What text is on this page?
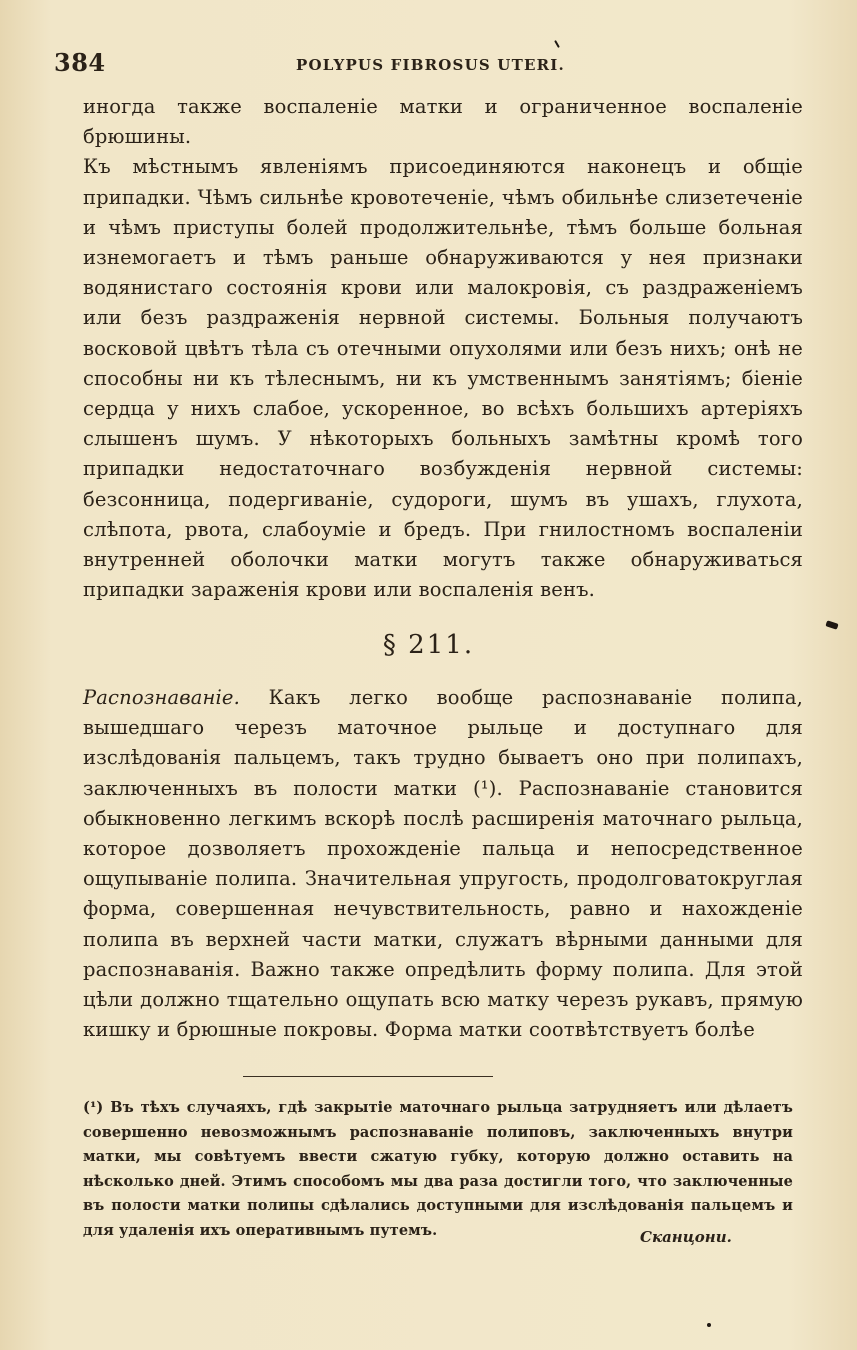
384	POLYPUS FIBROSUS UTERI.

иногда также воспаленіе матки и ограниченное воспаленіе брюшины.

Къ мѣстнымъ явленіямъ присоединяются наконецъ и общіе припадки. Чѣмъ сильнѣе кровотеченіе, чѣмъ обильнѣе слизетеченіе и чѣмъ приступы болей продолжительнѣе, тѣмъ больше больная изнемогаетъ и тѣмъ раньше обнаруживаются у нея признаки водянистаго состоянія крови или малокровія, съ раздраженіемъ или безъ раздраженія нервной системы. Больныя получаютъ восковой цвѣтъ тѣла съ отечными опухолями или безъ нихъ; онѣ не способны ни къ тѣлеснымъ, ни къ умственнымъ занятіямъ; біеніе сердца у нихъ слабое, ускоренное, во всѣхъ большихъ артеріяхъ слышенъ шумъ. У нѣкоторыхъ больныхъ замѣтны кромѣ того припадки недостаточнаго возбужденія нервной системы: безсонница, подергиваніе, судороги, шумъ въ ушахъ, глухота, слѣпота, рвота, слабоуміе и бредъ. При гнилостномъ воспаленіи внутренней оболочки матки могутъ также обнаруживаться припадки зараженія крови или воспаленія венъ.

§ 211.

Распознаваніе. Какъ легко вообще распознаваніе полипа, вышедшаго черезъ маточное рыльце и доступнаго для изслѣдованія пальцемъ, такъ трудно бываетъ оно при полипахъ, заключенныхъ въ полости матки (¹). Распознаваніе становится обыкновенно легкимъ вскорѣ послѣ расширенія маточнаго рыльца, которое дозволяетъ прохожденіе пальца и непосредственное ощупываніе полипа. Значительная упругость, продолговатокруглая форма, совершенная нечувствительность, равно и нахожденіе полипа въ верхней части матки, служатъ вѣрными данными для распознаванія. Важно также опредѣлить форму полипа. Для этой цѣли должно тщательно ощупать всю матку черезъ рукавъ, прямую кишку и брюшные покровы. Форма матки соотвѣтствуетъ болѣе

(¹) Въ тѣхъ случаяхъ, гдѣ закрытіе маточнаго рыльца затрудняетъ или дѣлаетъ совершенно невозможнымъ распознаваніе полиповъ, заключенныхъ внутри матки, мы совѣтуемъ ввести сжатую губку, которую должно оставить на нѣсколько дней. Этимъ способомъ мы два раза достигли того, что заключенные въ полости матки полипы сдѣлались доступными для изслѣдованія пальцемъ и для удаленія ихъ оперативнымъ путемъ.	Сканцони.
